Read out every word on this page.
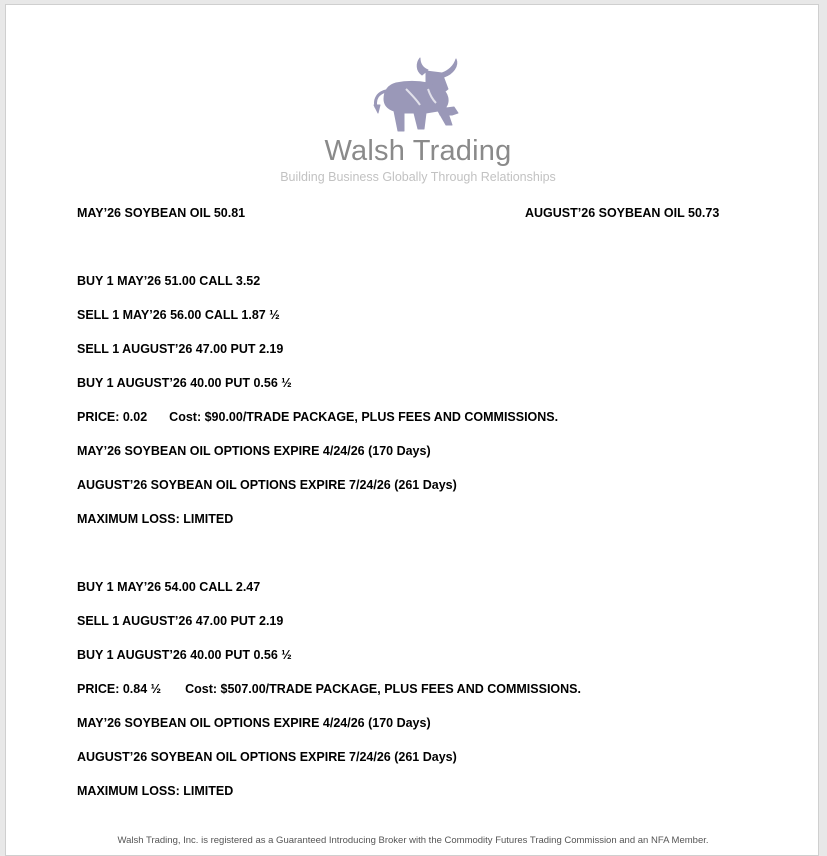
Walsh Trading
Building Business Globally Through Relationships
MAY’26 SOYBEAN OIL 50.81	AUGUST’26 SOYBEAN OIL 50.73
BUY 1 MAY’26 51.00 CALL 3.52
SELL 1 MAY’26 56.00 CALL 1.87 ½
SELL 1 AUGUST’26 47.00 PUT 2.19
BUY 1 AUGUST’26 40.00 PUT 0.56 ½
PRICE: 0.02 Cost: $90.00/TRADE PACKAGE, PLUS FEES AND COMMISSIONS.
MAY’26 SOYBEAN OIL OPTIONS EXPIRE 4/24/26 (170 Days)
AUGUST’26 SOYBEAN OIL OPTIONS EXPIRE 7/24/26 (261 Days)
MAXIMUM LOSS: LIMITED
BUY 1 MAY’26 54.00 CALL 2.47
SELL 1 AUGUST’26 47.00 PUT 2.19
BUY 1 AUGUST’26 40.00 PUT 0.56 ½
PRICE: 0.84 ½ Cost: $507.00/TRADE PACKAGE, PLUS FEES AND COMMISSIONS.
MAY’26 SOYBEAN OIL OPTIONS EXPIRE 4/24/26 (170 Days)
AUGUST’26 SOYBEAN OIL OPTIONS EXPIRE 7/24/26 (261 Days)
MAXIMUM LOSS: LIMITED
Walsh Trading, Inc. is registered as a Guaranteed Introducing Broker with the Commodity Futures Trading Commission and an NFA Member.
